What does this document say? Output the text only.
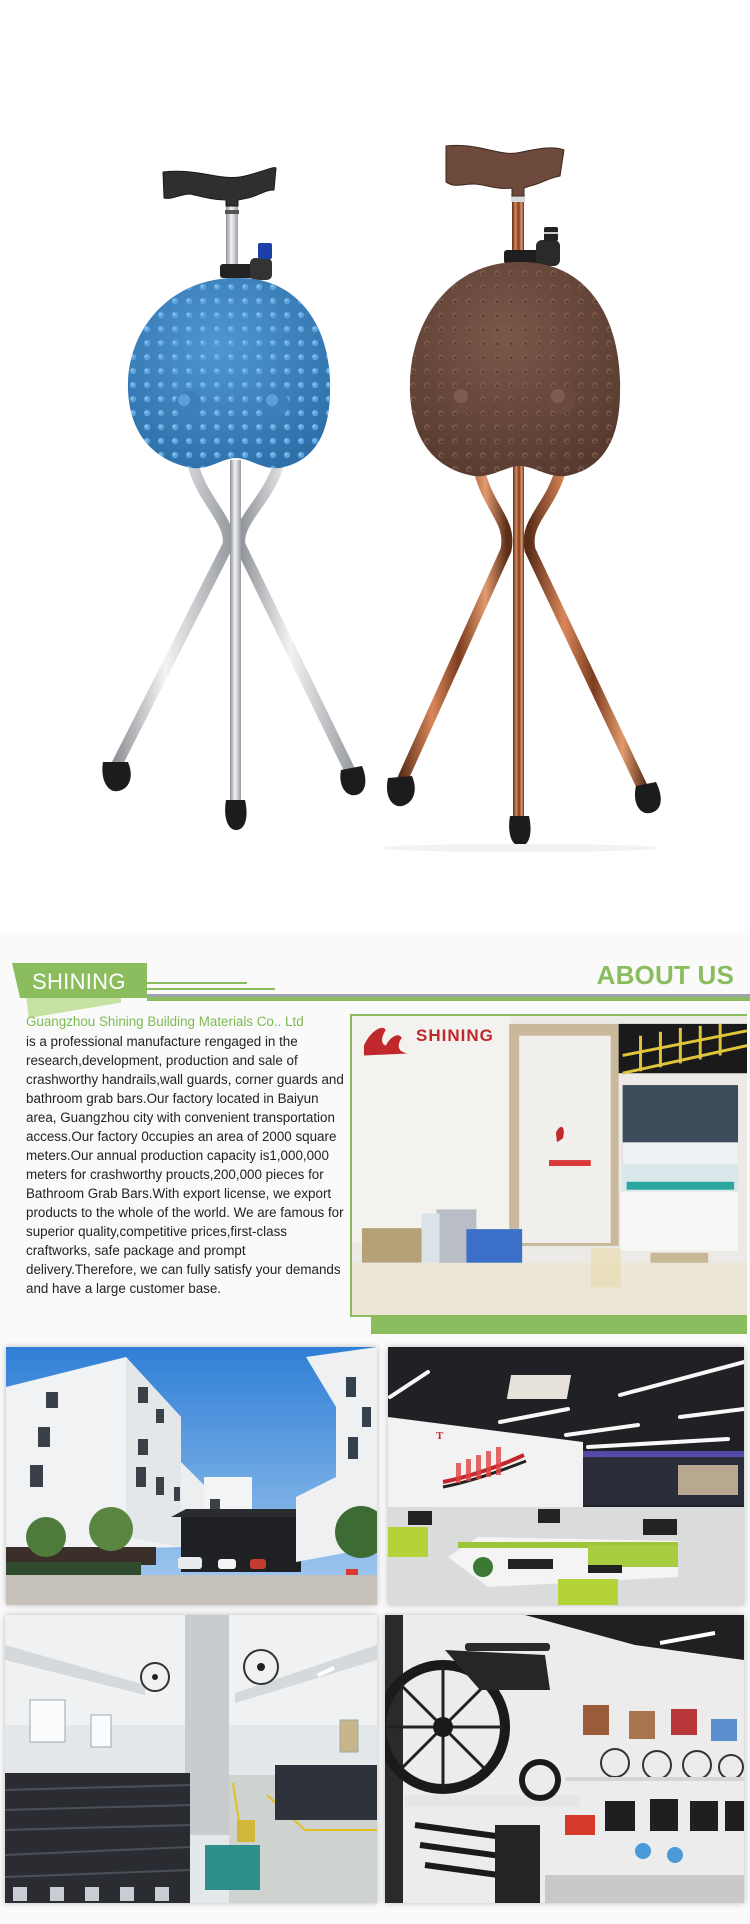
SHINING	ABOUT US
Guangzhou Shining Building Materials Co.. Ltd

is a professional manufacture rengaged in the research,development, production and sale of crashworthy handrails,wall guards, corner guards and bathroom grab bars.Our factory located in Baiyun area, Guangzhou city with convenient transportation access.Our factory 0ccupies an area of 2000 square meters.Our annual production capacity is1,000,000 meters for crashworthy proucts,200,000 pieces for Bathroom Grab Bars.With export license, we export products to the whole of the world. We are famous for superior quality,competitive prices,first-class craftworks, safe package and prompt delivery.Therefore, we can fully satisfy your demands and have a large customer base.

SHINING
T
